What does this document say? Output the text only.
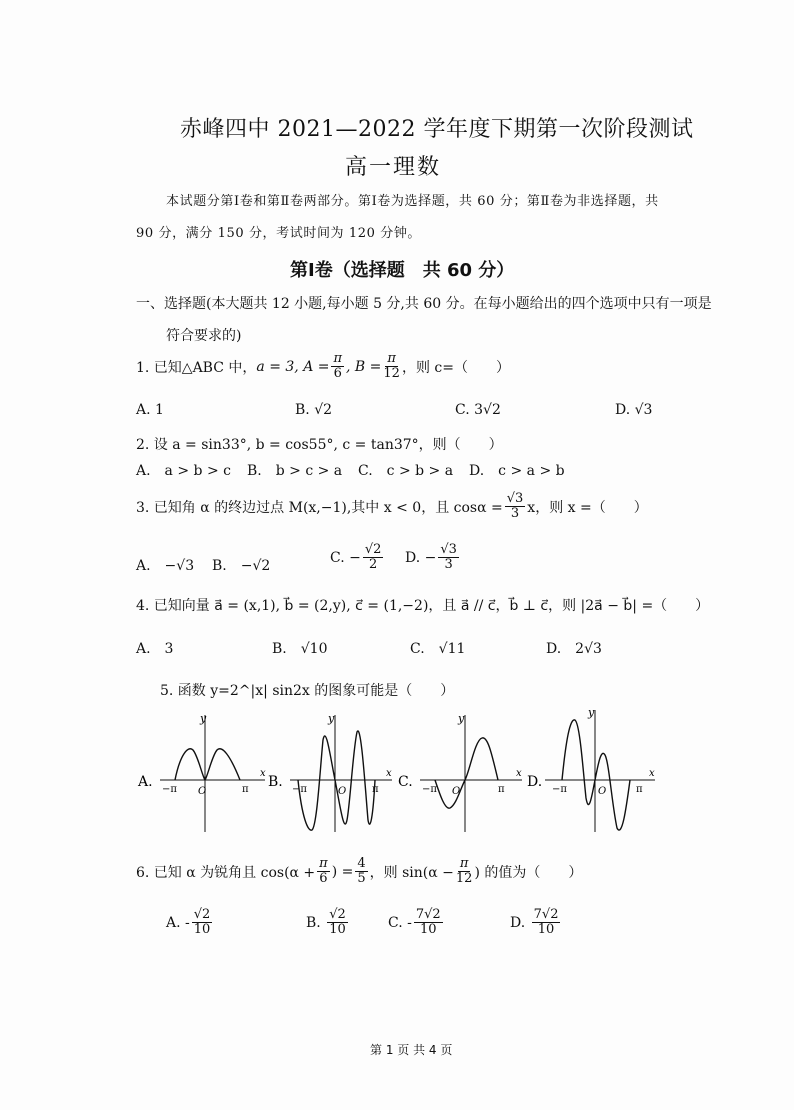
赤峰四中 2021—2022 学年度下期第一次阶段测试
高一理数
本试题分第Ⅰ卷和第Ⅱ卷两部分。第Ⅰ卷为选择题，共 60 分；第Ⅱ卷为非选择题，共
90 分，满分 150 分，考试时间为 120 分钟。
第Ⅰ卷（选择题　共 60 分）
一、选择题(本大题共 12 小题,每小题 5 分,共 60 分。在每小题给出的四个选项中只有一项是
符合要求的)
1. 已知△ABC 中， a = 3, $A = \frac{\pi}{6}$ , $B = \frac{\pi}{12}$ ，则 c=（　　）
A. 1	B. √2	C. 3√2	D. √3
2. 设 a = sin33°, b = cos55°, c = tan37°，则（　　）
A.　a > b > c B.　b > c > a C.　c > b > a D.　c > a > b
3. 已知角 α 的终边过点 M(x,−1),其中 x < 0，且 $\cos\alpha = \frac{√3}{3}$ x，则 x =（　　）
A.　−√3 B.　−√2
C.
− $\frac{√2}{2} D$.
− $\frac{√3}{3}$
4. 已知向量 a⃗ = (x,1), b⃗ = (2,y), c⃗ = (1,−2)，且 a⃗ // c⃗，b⃗ ⊥ c⃗，则 |2a⃗ − b⃗| =（　　）
A.　3	B.　√10	C.　√11	D.　2√3
5. 函数 y=2^|x| sin2x 的图象可能是（　　）
A.
x
y
O
−π	π B.
x
y
O
−π	π C.
x
y
O
−π	π D.
x
y
O
−π	π
6. 已知 α 为锐角且 $\cos(\alpha + \frac{\pi}{6}$ ) = $\frac{4}{5}$ ，则 $\sin(\alpha - \frac{\pi}{12}$ ) 的值为（　　）
A.
- $\frac{√2}{10}$	B.
$\frac{√2}{10}$	C.
- $\frac{7√2}{10}$	D.
$\frac{7√2}{10}$
第 1 页 共 4 页
